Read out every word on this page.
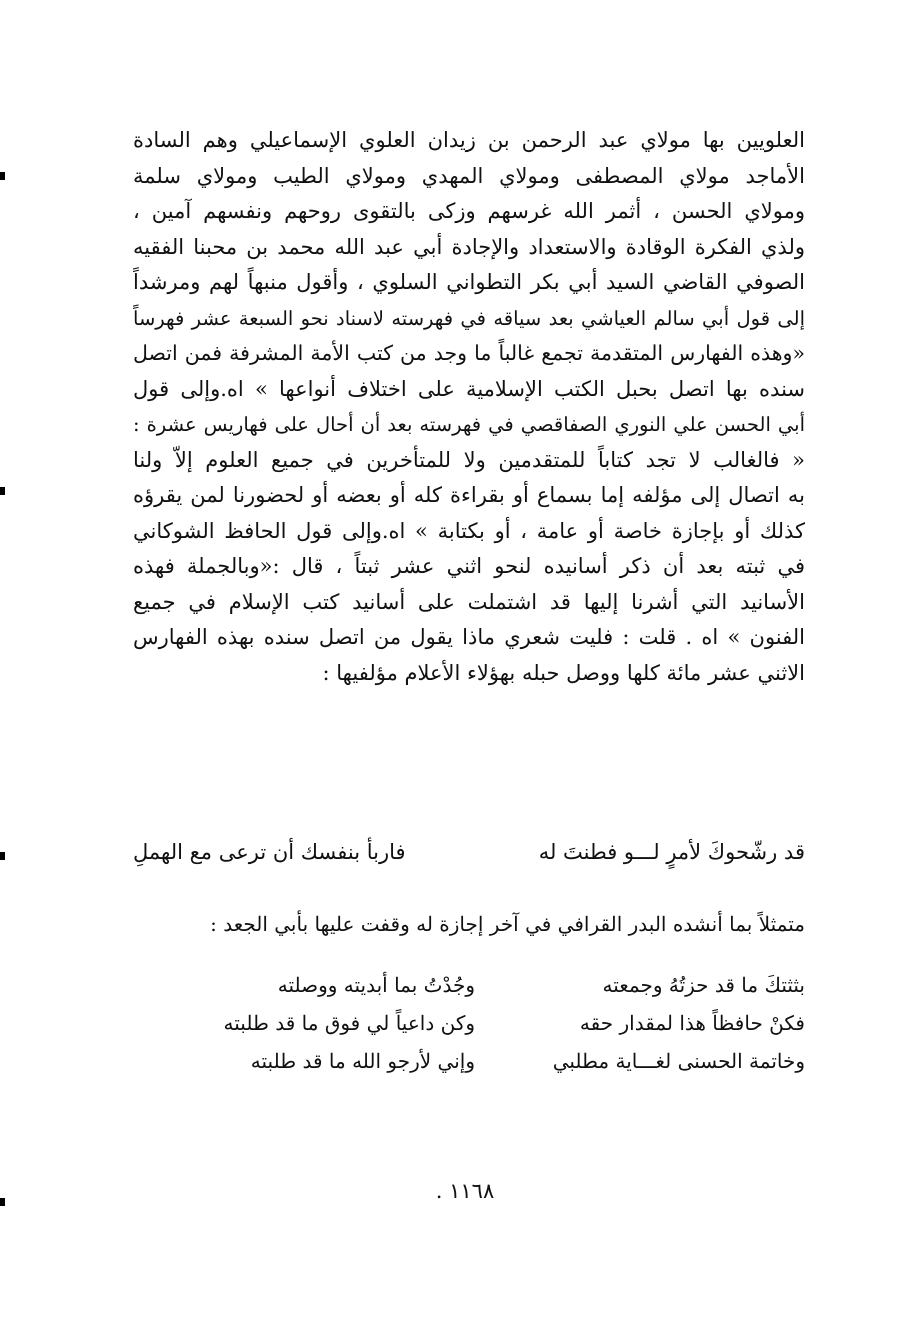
العلويين بها مولاي عبد الرحمن بن زيدان العلوي الإسماعيلي وهم السادة
الأماجد مولاي المصطفى ومولاي المهدي ومولاي الطيب ومولاي سلمة
ومولاي الحسن ، أثمر الله غرسهم وزكى بالتقوى روحهم ونفسهم آمين ،
ولذي الفكرة الوقادة والاستعداد والإجادة أبي عبد الله محمد بن محبنا الفقيه
الصوفي القاضي السيد أبي بكر التطواني السلوي ، وأقول منبهاً لهم ومرشداً
إلى قول أبي سالم العياشي بعد سياقه في فهرسته لاسناد نحو السبعة عشر فهرساً
«وهذه الفهارس المتقدمة تجمع غالباً ما وجد من كتب الأمة المشرفة فمن اتصل
سنده بها اتصل بحبل الكتب الإسلامية على اختلاف أنواعها » اه.وإلى قول
أبي الحسن علي النوري الصفاقصي في فهرسته بعد أن أحال على فهاريس عشرة :
« فالغالب لا تجد كتاباً للمتقدمين ولا للمتأخرين في جميع العلوم إلاّ ولنا
به اتصال إلى مؤلفه إما بسماع أو بقراءة كله أو بعضه أو لحضورنا لمن يقرؤه
كذلك أو بإجازة خاصة أو عامة ، أو بكتابة » اه.وإلى قول الحافظ الشوكاني
في ثبته بعد أن ذكر أسانيده لنحو اثني عشر ثبتاً ، قال :«وبالجملة فهذه
الأسانيد التي أشرنا إليها قد اشتملت على أسانيد كتب الإسلام في جميع
الفنون » اه . قلت : فليت شعري ماذا يقول من اتصل سنده بهذه الفهارس
الاثني عشر مائة كلها ووصل حبله بهؤلاء الأعلام مؤلفيها :
قد رشّحوكَ لأمرٍ لـــو فطنتَ له
فاربأ بنفسك أن ترعى مع الهملِ
متمثلاً بما أنشده البدر القرافي في آخر إجازة له وقفت عليها بأبي الجعد :
بثثتكَ ما قد حزتُهُ وجمعته
وجُدْتُ بما أبديته ووصلته
فكنْ حافظاً هذا لمقدار حقه
وكن داعياً لي فوق ما قد طلبته
وخاتمة الحسنى لغـــاية مطلبي
وإني لأرجو الله ما قد طلبته
١١٦٨ .
